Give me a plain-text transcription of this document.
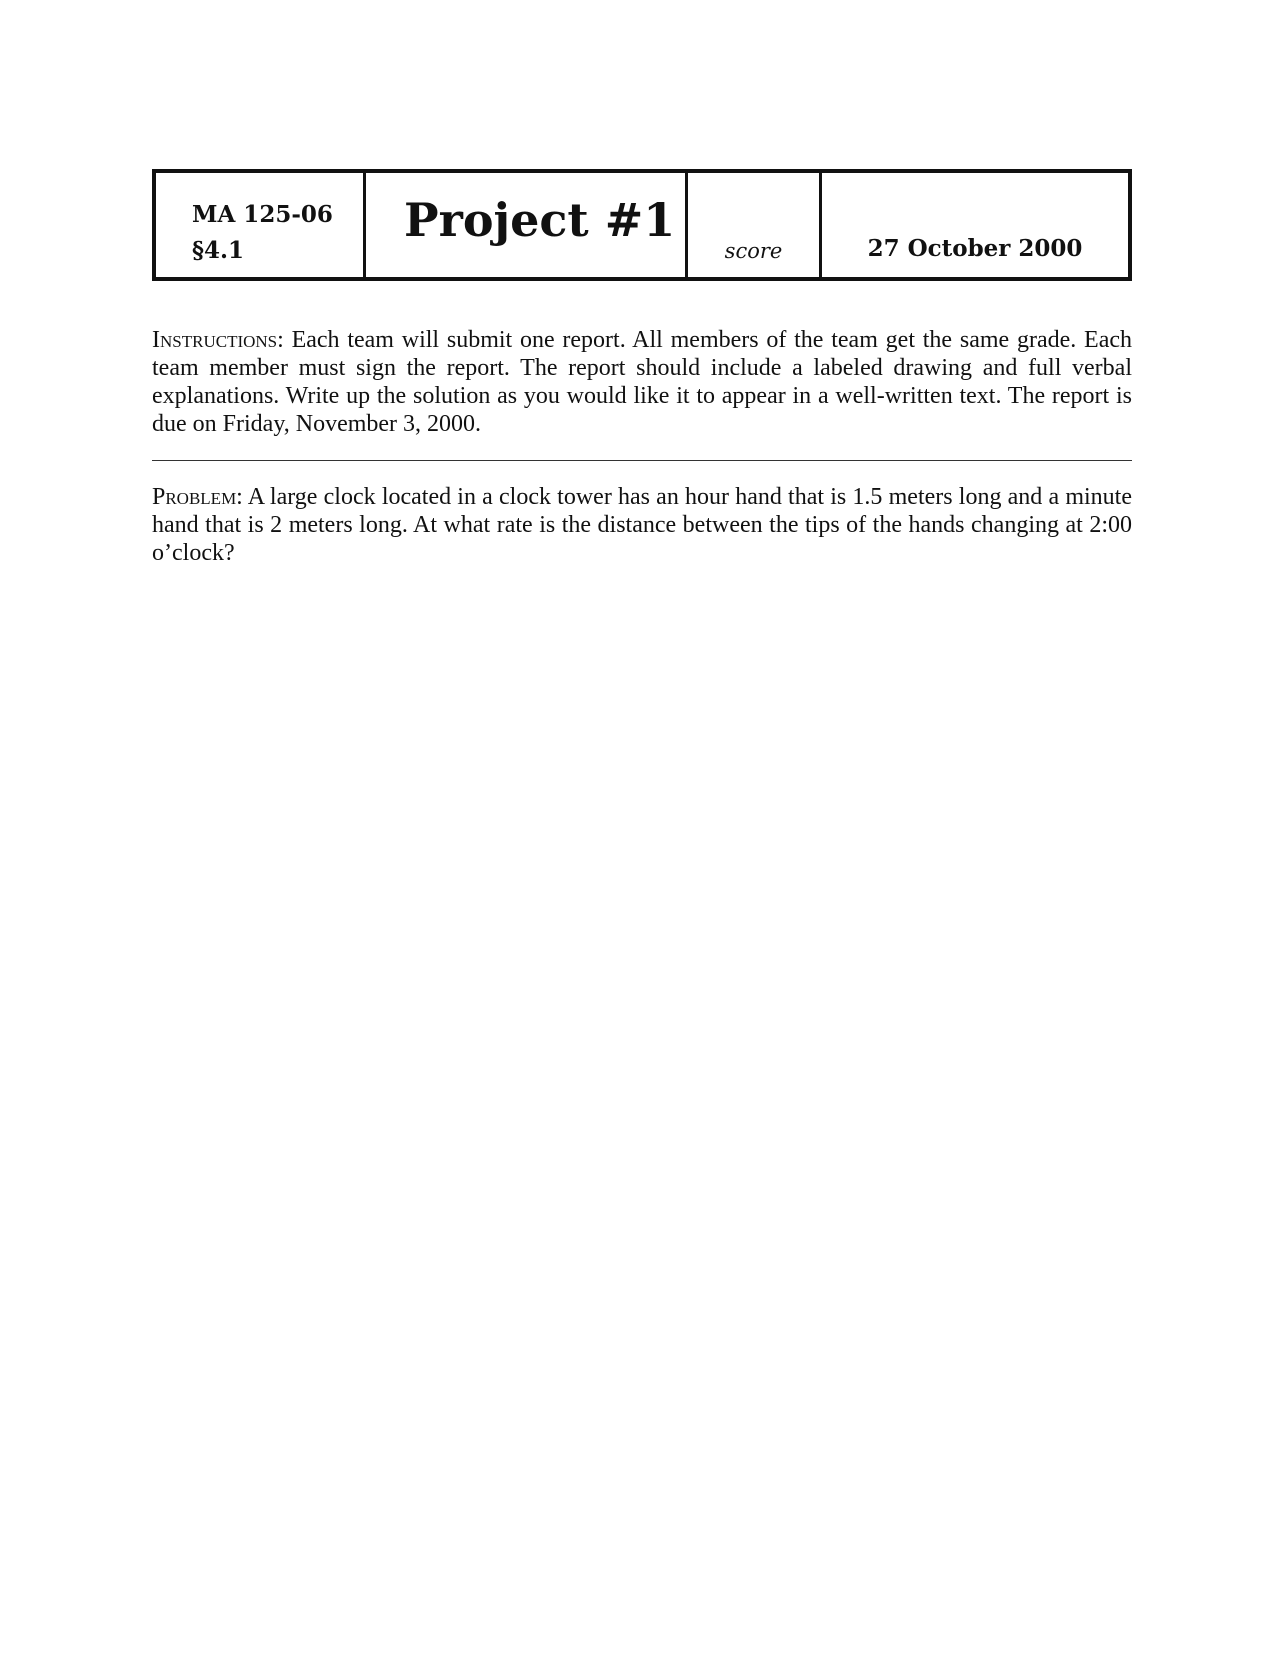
MA 125-06
§4.1
Project #1
score	27 October 2000

Instructions: Each team will submit one report. All members of the team get the same grade. Each team member must sign the report. The report should include a labeled drawing and full verbal explanations. Write up the solution as you would like it to appear in a well-written text. The report is due on Friday, November 3, 2000.

Problem: A large clock located in a clock tower has an hour hand that is 1.5 meters long and a minute hand that is 2 meters long. At what rate is the distance between the tips of the hands changing at 2:00 o’clock?
